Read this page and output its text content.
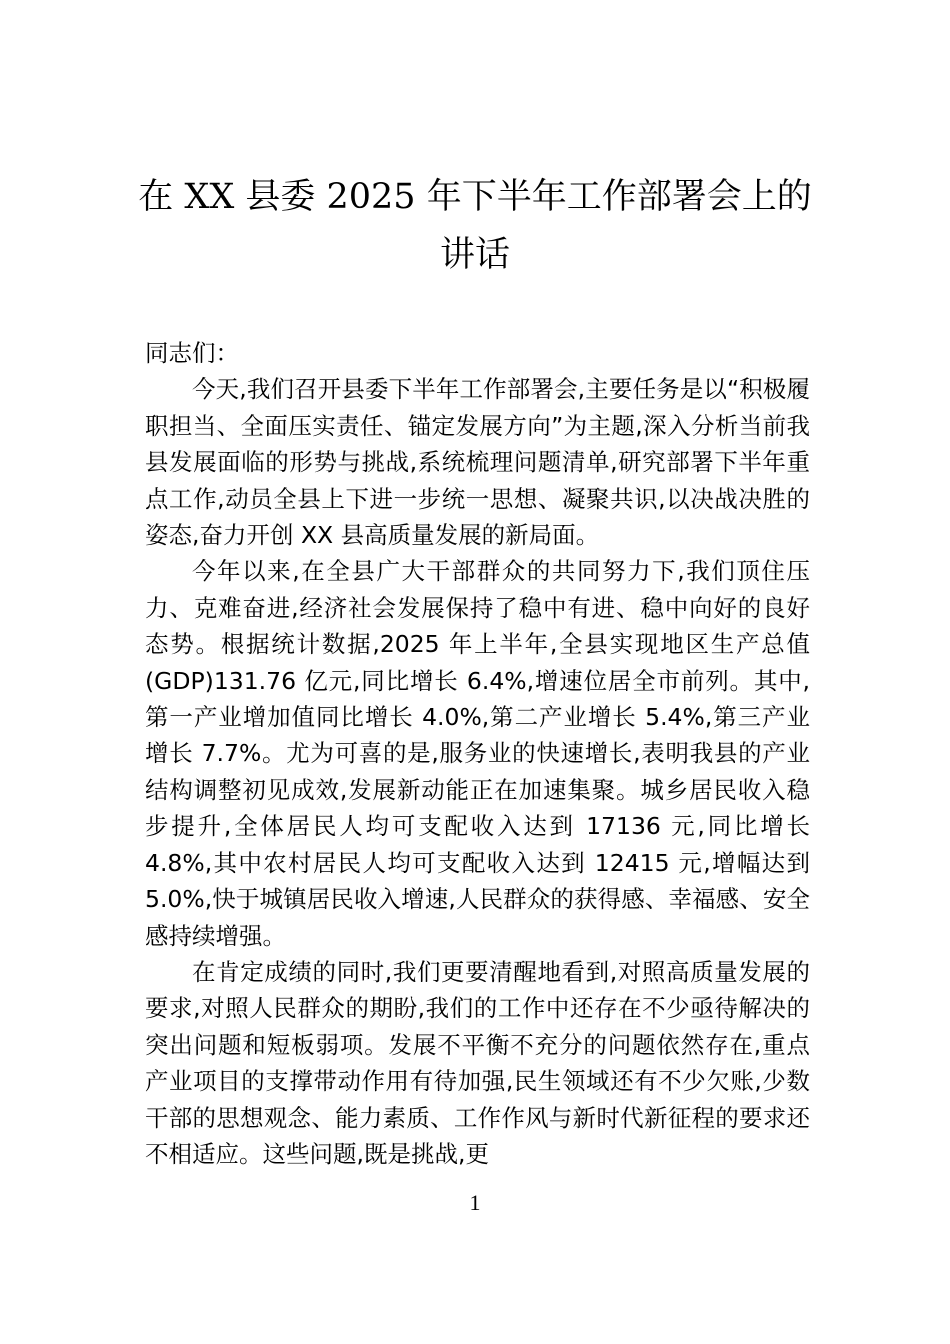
在 XX 县委 2025 年下半年工作部署会上的
讲话

同志们：

今天,我们召开县委下半年工作部署会,主要任务是以“积极履职担当、全面压实责任、锚定发展方向”为主题,深入分析当前我县发展面临的形势与挑战,系统梳理问题清单,研究部署下半年重点工作,动员全县上下进一步统一思想、凝聚共识,以决战决胜的姿态,奋力开创 XX 县高质量发展的新局面。

今年以来,在全县广大干部群众的共同努力下,我们顶住压力、克难奋进,经济社会发展保持了稳中有进、稳中向好的良好态势。根据统计数据,2025 年上半年,全县实现地区生产总值(GDP)131.76 亿元,同比增长 6.4%,增速位居全市前列。其中,第一产业增加值同比增长 4.0%,第二产业增长 5.4%,第三产业增长 7.7%。尤为可喜的是,服务业的快速增长,表明我县的产业结构调整初见成效,发展新动能正在加速集聚。城乡居民收入稳步提升,全体居民人均可支配收入达到 17136 元,同比增长 4.8%,其中农村居民人均可支配收入达到 12415 元,增幅达到 5.0%,快于城镇居民收入增速,人民群众的获得感、幸福感、安全感持续增强。

在肯定成绩的同时,我们更要清醒地看到,对照高质量发展的要求,对照人民群众的期盼,我们的工作中还存在不少亟待解决的突出问题和短板弱项。发展不平衡不充分的问题依然存在,重点产业项目的支撑带动作用有待加强,民生领域还有不少欠账,少数干部的思想观念、能力素质、工作作风与新时代新征程的要求还不相适应。这些问题,既是挑战,更

1
